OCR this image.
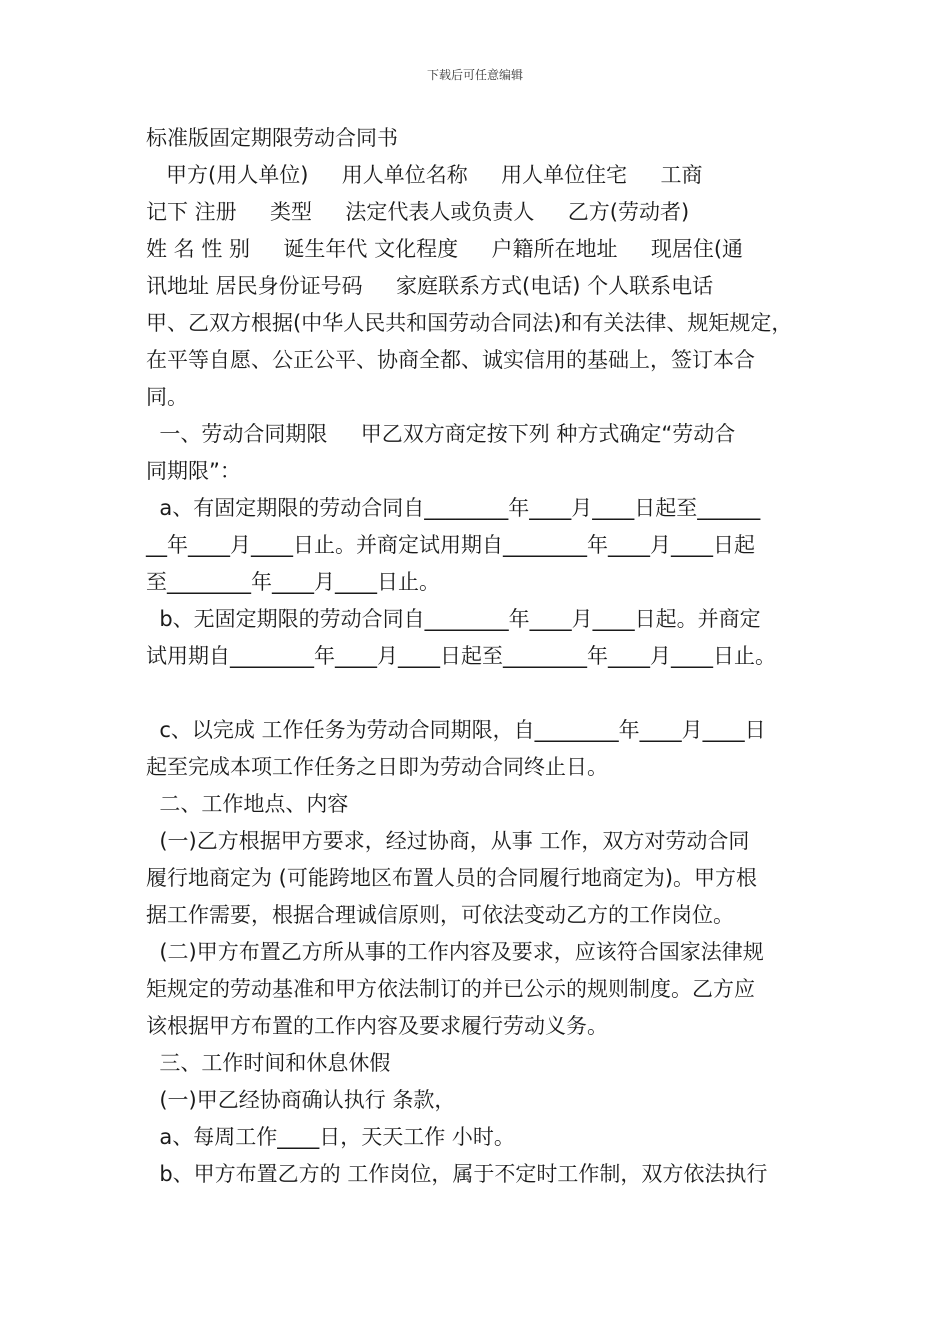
下载后可任意编辑
标准版固定期限劳动合同书
甲方(用人单位)     用人单位名称     用人单位住宅     工商
记下 注册     类型     法定代表人或负责人     乙方(劳动者)
姓 名 性 别     诞生年代 文化程度     户籍所在地址     现居住(通
讯地址 居民身份证号码     家庭联系方式(电话) 个人联系电话
甲、乙双方根据(中华人民共和国劳动合同法)和有关法律、规矩规定，
在平等自愿、公正公平、协商全都、诚实信用的基础上，签订本合
同。
一、劳动合同期限     甲乙双方商定按下列 种方式确定“劳动合
同期限”：
a、有固定期限的劳动合同自________年____月____日起至______
__年____月____日止。并商定试用期自________年____月____日起
至________年____月____日止。
b、无固定期限的劳动合同自________年____月____日起。并商定
试用期自________年____月____日起至________年____月____日止。
c、以完成 工作任务为劳动合同期限，自________年____月____日
起至完成本项工作任务之日即为劳动合同终止日。
二、工作地点、内容
(一)乙方根据甲方要求，经过协商，从事 工作，双方对劳动合同
履行地商定为 (可能跨地区布置人员的合同履行地商定为)。甲方根
据工作需要，根据合理诚信原则，可依法变动乙方的工作岗位。
(二)甲方布置乙方所从事的工作内容及要求，应该符合国家法律规
矩规定的劳动基准和甲方依法制订的并已公示的规则制度。乙方应
该根据甲方布置的工作内容及要求履行劳动义务。
三、工作时间和休息休假
(一)甲乙经协商确认执行 条款，
a、每周工作____日，天天工作 小时。
b、甲方布置乙方的 工作岗位，属于不定时工作制，双方依法执行
